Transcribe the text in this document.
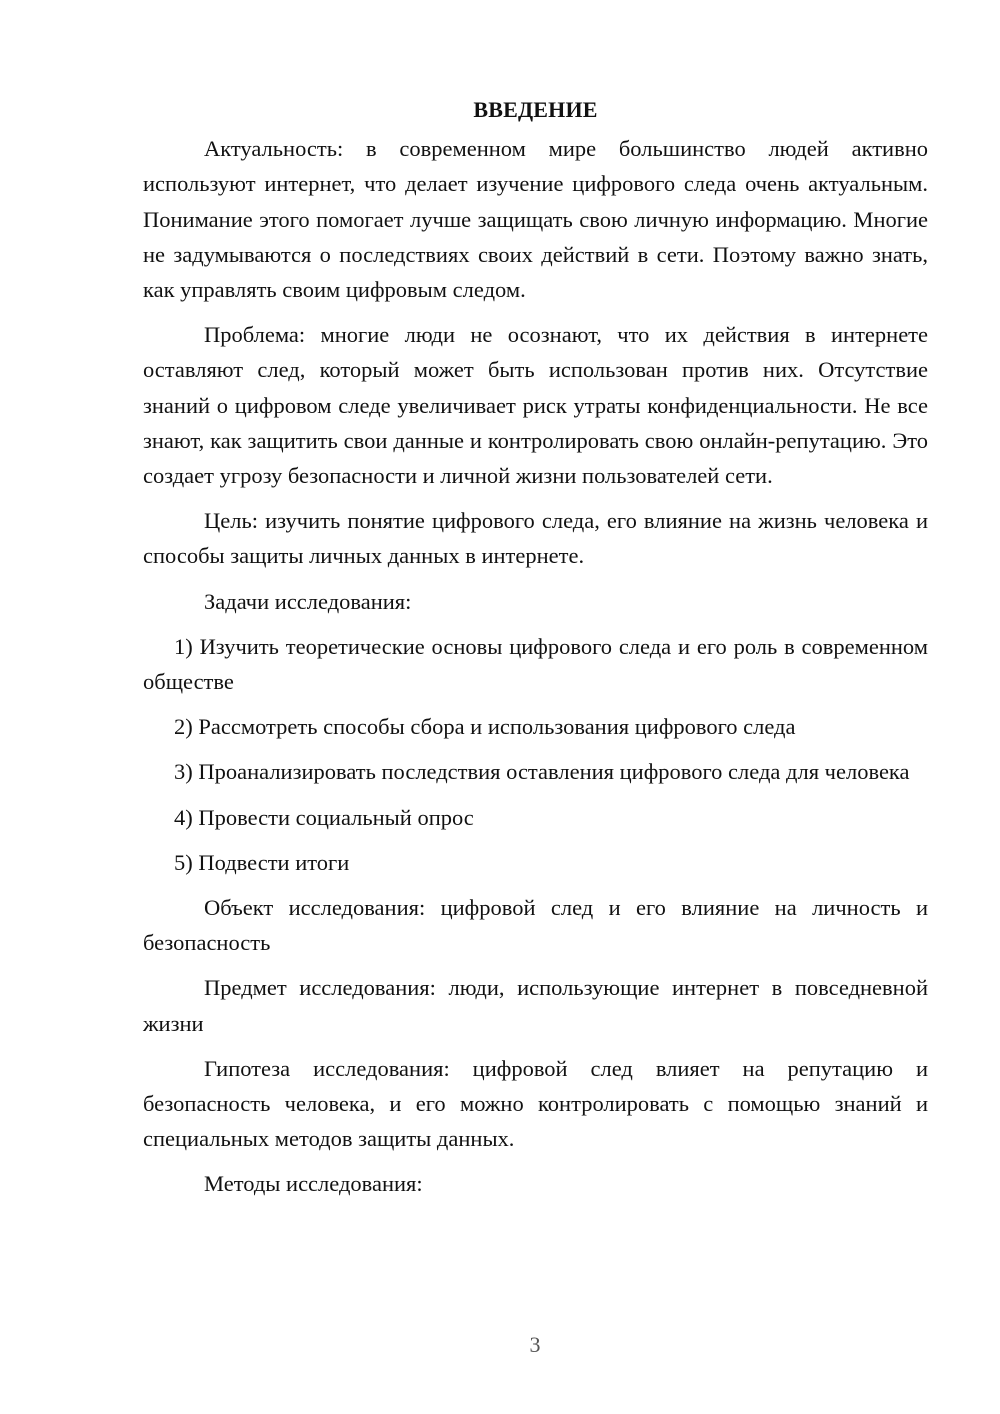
ВВЕДЕНИЕ

Актуальность: в современном мире большинство людей активно используют интернет, что делает изучение цифрового следа очень актуальным. Понимание этого помогает лучше защищать свою личную информацию. Многие не задумываются о последствиях своих действий в сети. Поэтому важно знать, как управлять своим цифровым следом.

Проблема: многие люди не осознают, что их действия в интернете оставляют след, который может быть использован против них. Отсутствие знаний о цифровом следе увеличивает риск утраты конфиденциальности. Не все знают, как защитить свои данные и контролировать свою онлайн-репутацию. Это создает угрозу безопасности и личной жизни пользователей сети.

Цель: изучить понятие цифрового следа, его влияние на жизнь человека и способы защиты личных данных в интернете.

Задачи исследования:

1) Изучить теоретические основы цифрового следа и его роль в современном обществе

2) Рассмотреть способы сбора и использования цифрового следа

3) Проанализировать последствия оставления цифрового следа для человека

4) Провести социальный опрос

5) Подвести итоги

Объект исследования: цифровой след и его влияние на личность и безопасность

Предмет исследования: люди, использующие интернет в повседневной жизни

Гипотеза исследования: цифровой след влияет на репутацию и безопасность человека, и его можно контролировать с помощью знаний и специальных методов защиты данных.

Методы исследования:

3
